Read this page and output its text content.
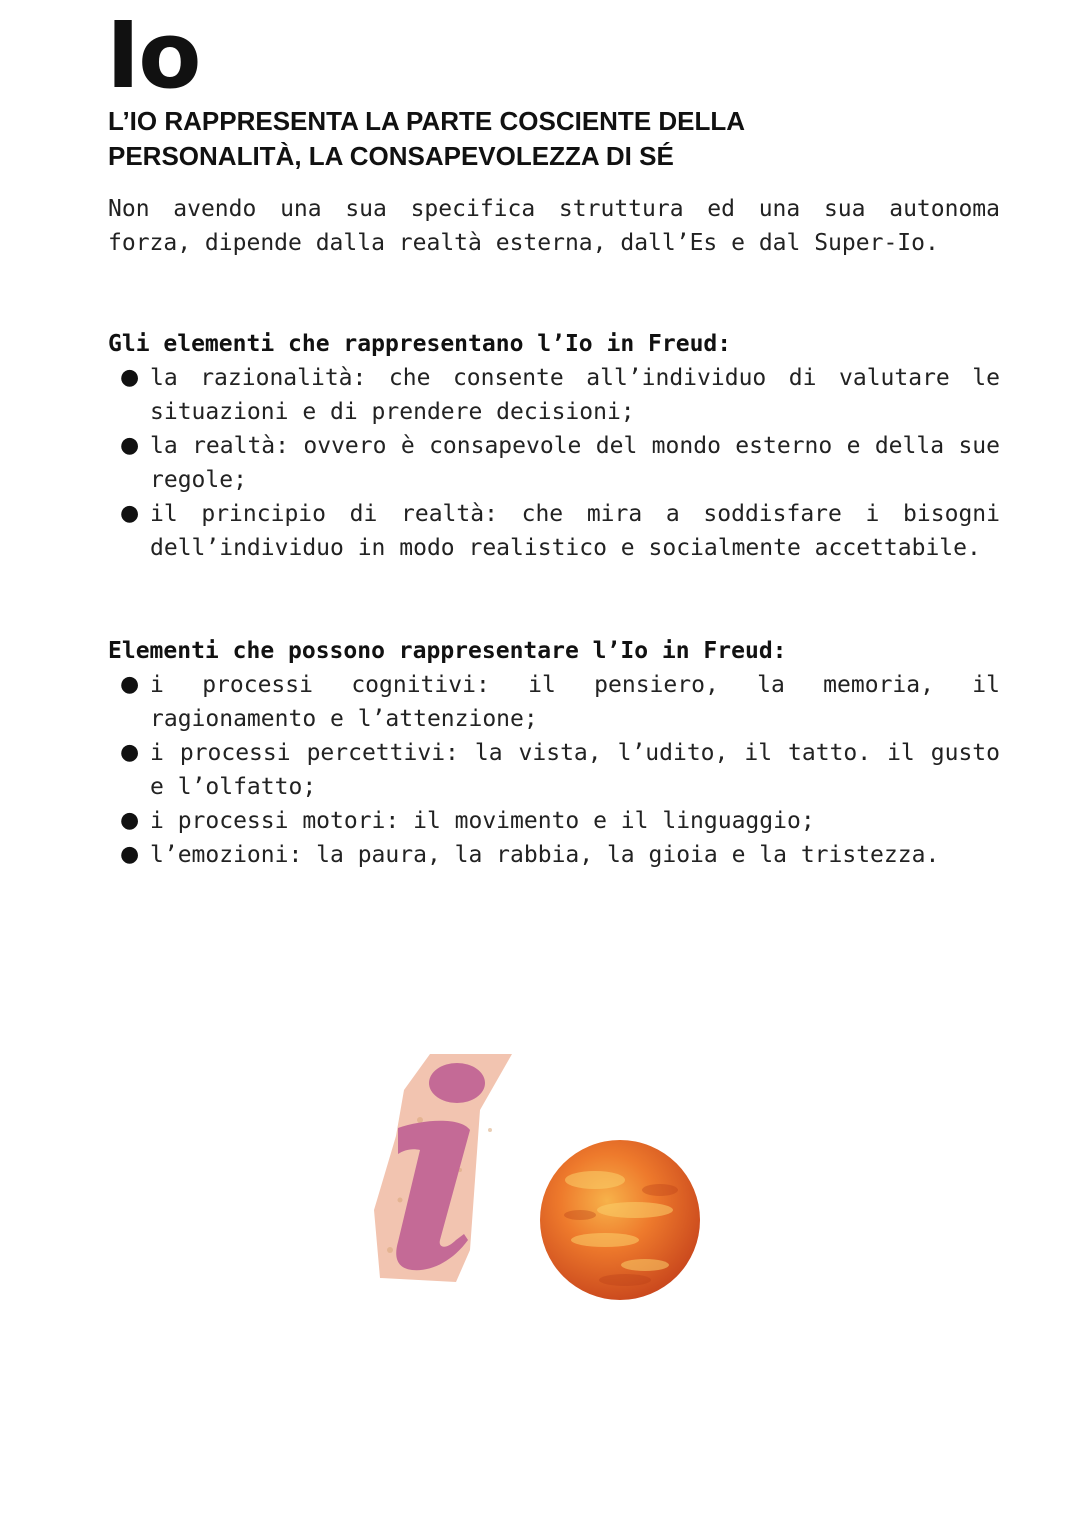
Io
L’IO RAPPRESENTA LA PARTE COSCIENTE DELLA
PERSONALITÀ, LA CONSAPEVOLEZZA DI SÉ

Non avendo una sua specifica struttura ed una sua autonoma forza, dipende dalla realtà esterna, dall’Es e dal Super-Io.

Gli elementi che rappresentano l’Io in Freud:

● la razionalità: che consente all’individuo di valutare le situazioni e di prendere decisioni;
● la realtà: ovvero è consapevole del mondo esterno e della sue regole;
● il principio di realtà: che mira a soddisfare i bisogni dell’individuo in modo realistico e socialmente accettabile.

Elementi che possono rappresentare l’Io in Freud:

● i processi cognitivi: il pensiero, la memoria, il ragionamento e l’attenzione;
● i processi percettivi: la vista, l’udito, il tatto. il gusto e l’olfatto;
● i processi motori: il movimento e il linguaggio;
● l’emozioni: la paura, la rabbia, la gioia e la tristezza.
